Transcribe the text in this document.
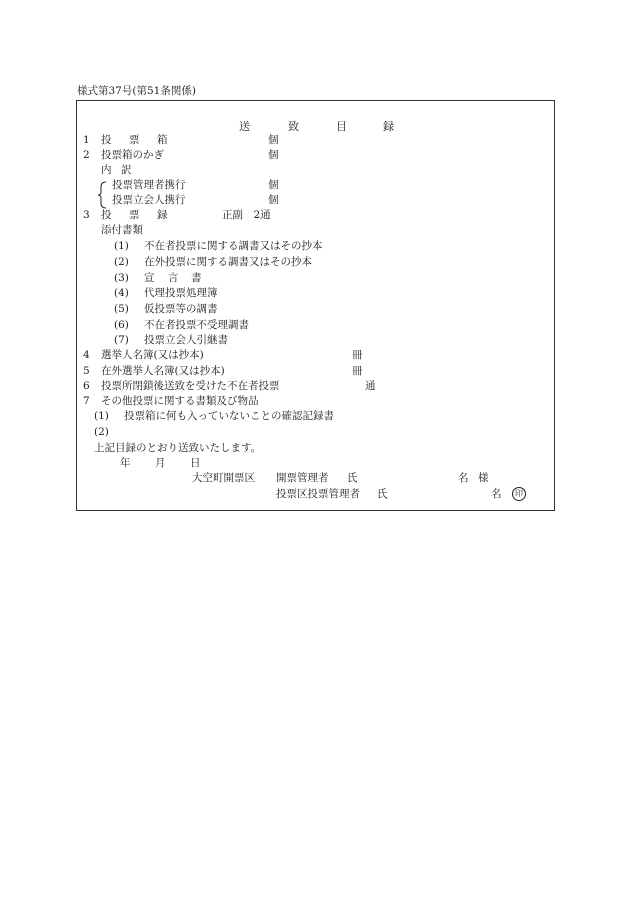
様式第37号(第51条関係)
送	致	目	録
1 投 票 箱	個
2 投票箱のかぎ	個
内 訳
投票管理者携行	個
投票立会人携行	個
3 投 票 録	正副　2通
添付書類
(1) 不在者投票に関する調書又はその抄本
(2) 在外投票に関する調書又はその抄本
(3) 宣 言 書
(4) 代理投票処理簿
(5) 仮投票等の調書
(6) 不在者投票不受理調書
(7) 投票立会人引継書
4 選挙人名簿(又は抄本)	冊
5 在外選挙人名簿(又は抄本)	冊
6 投票所閉鎖後送致を受けた不在者投票	通
7 その他投票に関する書類及び物品
(1) 投票箱に何も入っていないことの確認記録書
(2)
上記目録のとおり送致いたします。
年 月 日
大空町開票区 開票管理者 氏	名 様
投票区投票管理者 氏	名	印
